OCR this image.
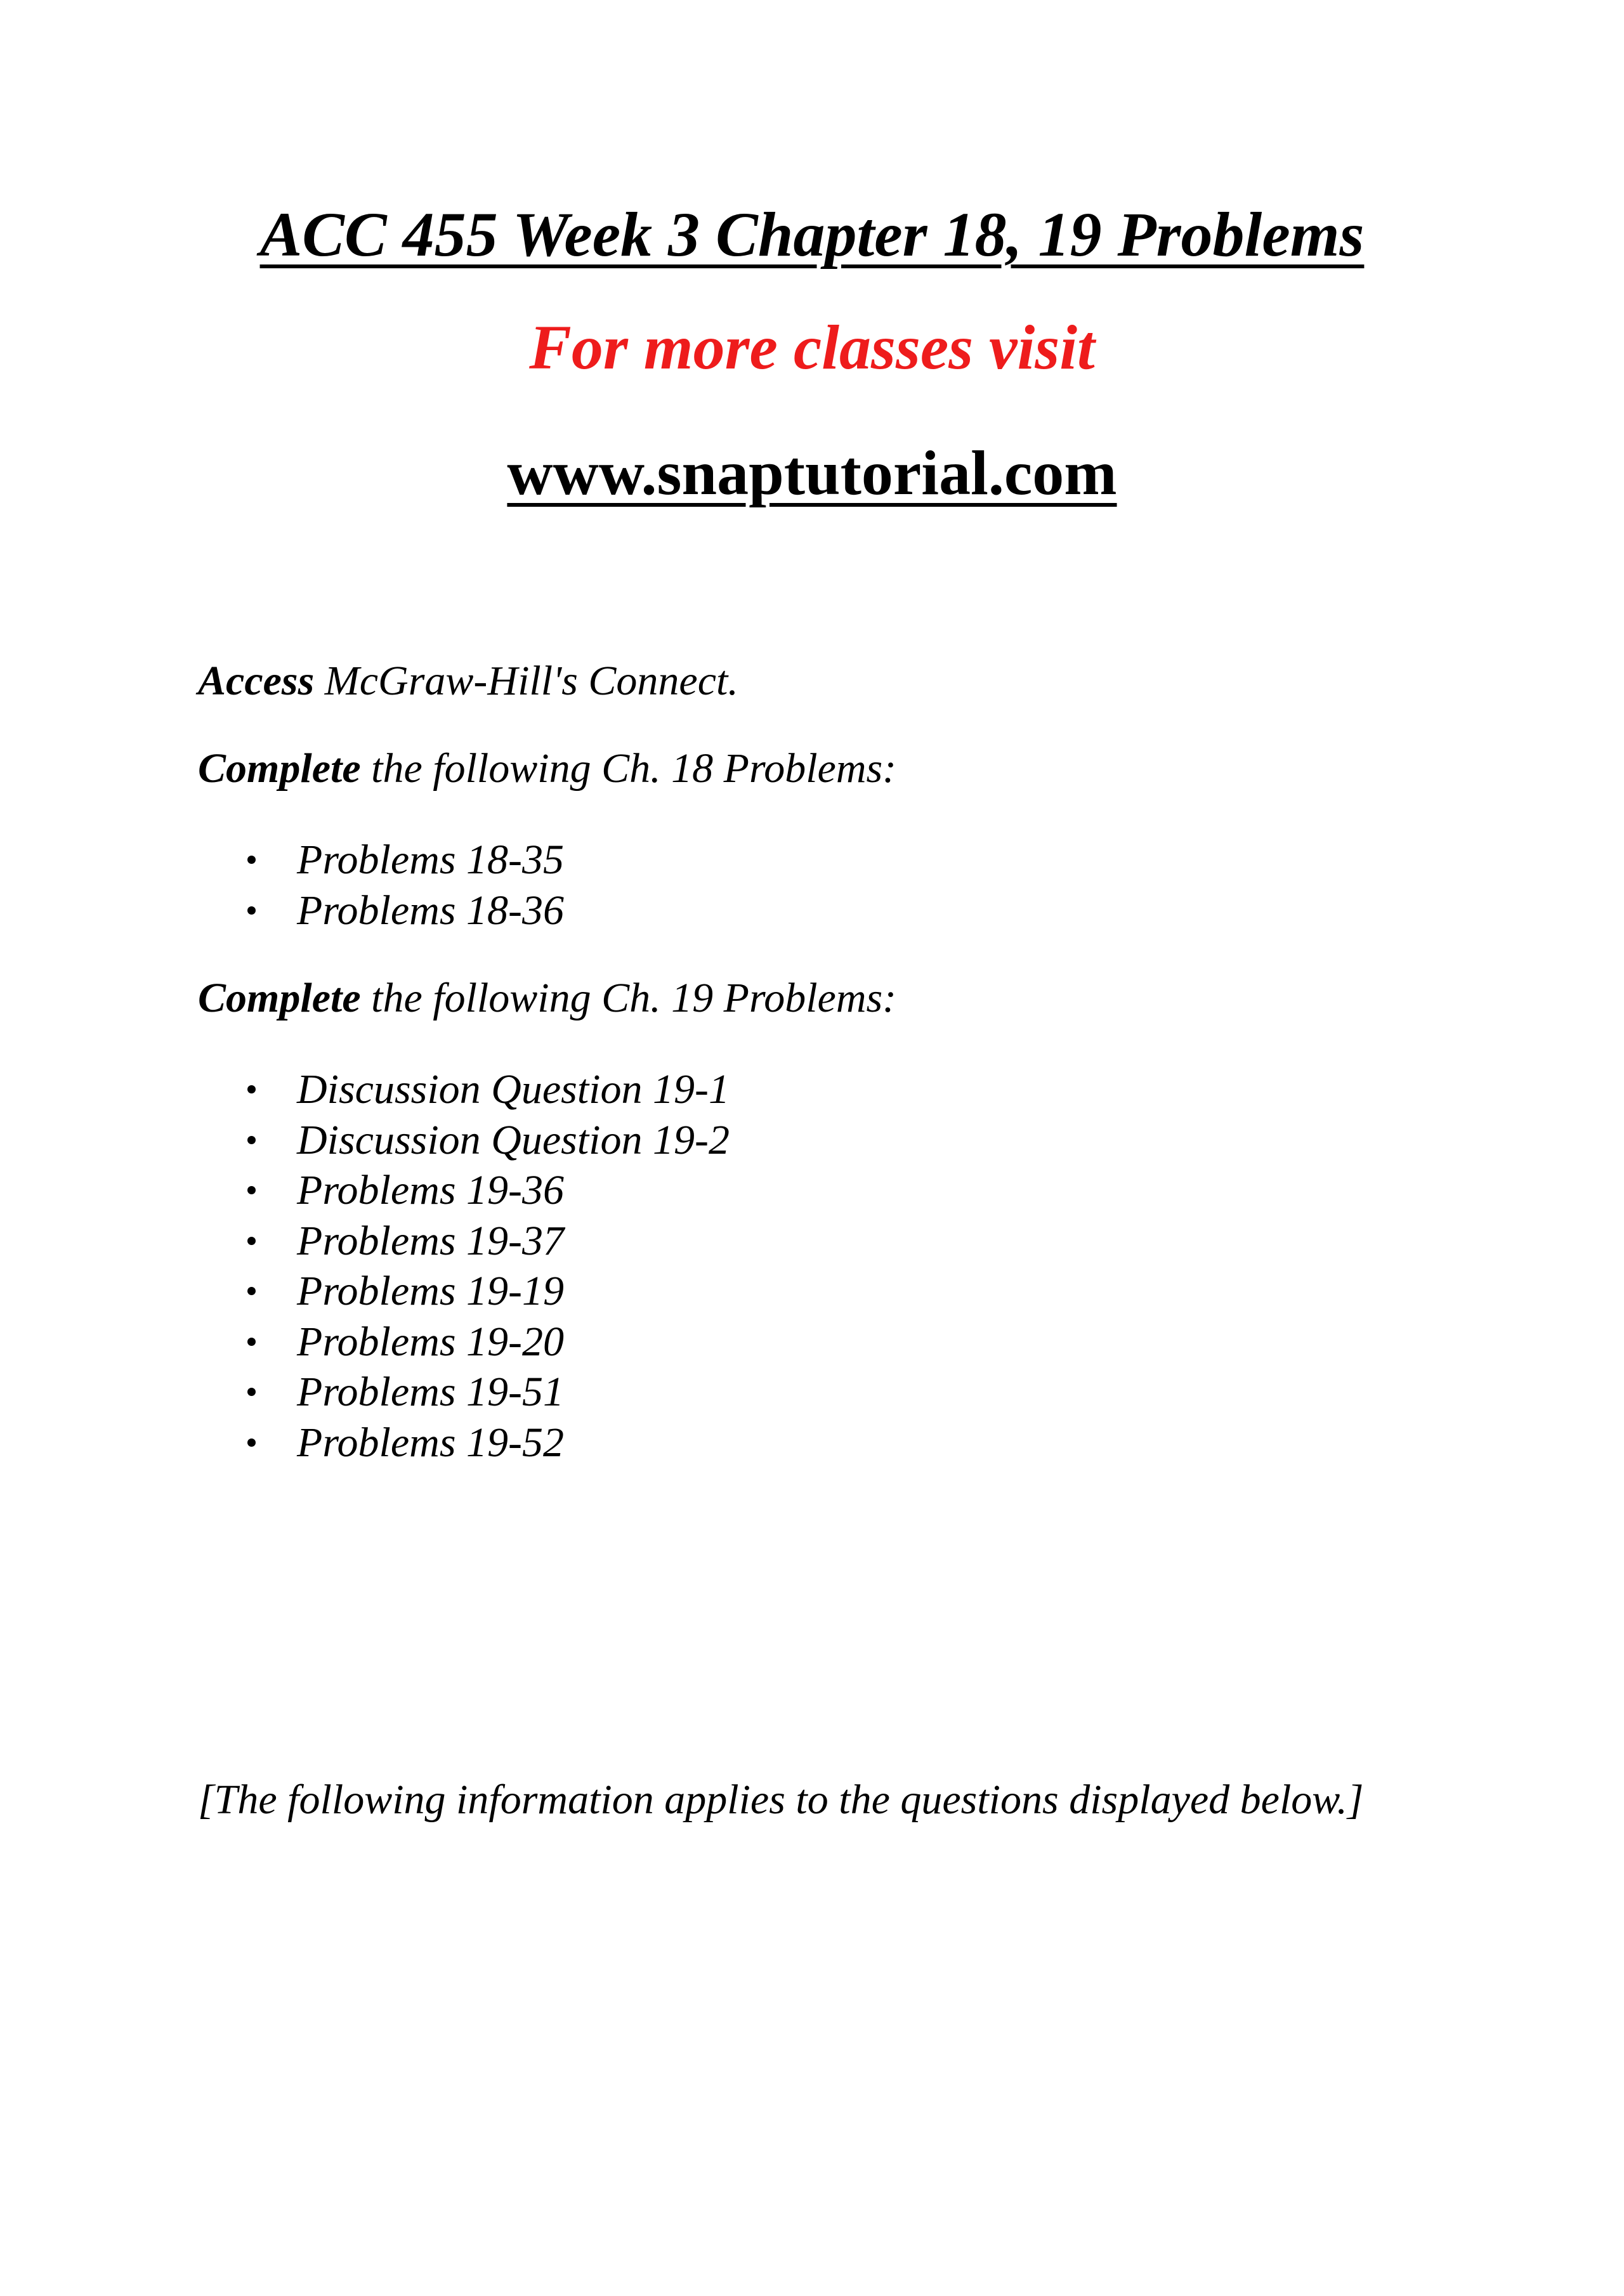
ACC 455 Week 3 Chapter 18, 19 Problems

For more classes visit

www.snaptutorial.com

Access McGraw-Hill's Connect.

Complete the following Ch. 18 Problems:

Problems 18-35
Problems 18-36

Complete the following Ch. 19 Problems:

Discussion Question 19-1
Discussion Question 19-2
Problems 19-36
Problems 19-37
Problems 19-19
Problems 19-20
Problems 19-51
Problems 19-52

[The following information applies to the questions displayed below.]
